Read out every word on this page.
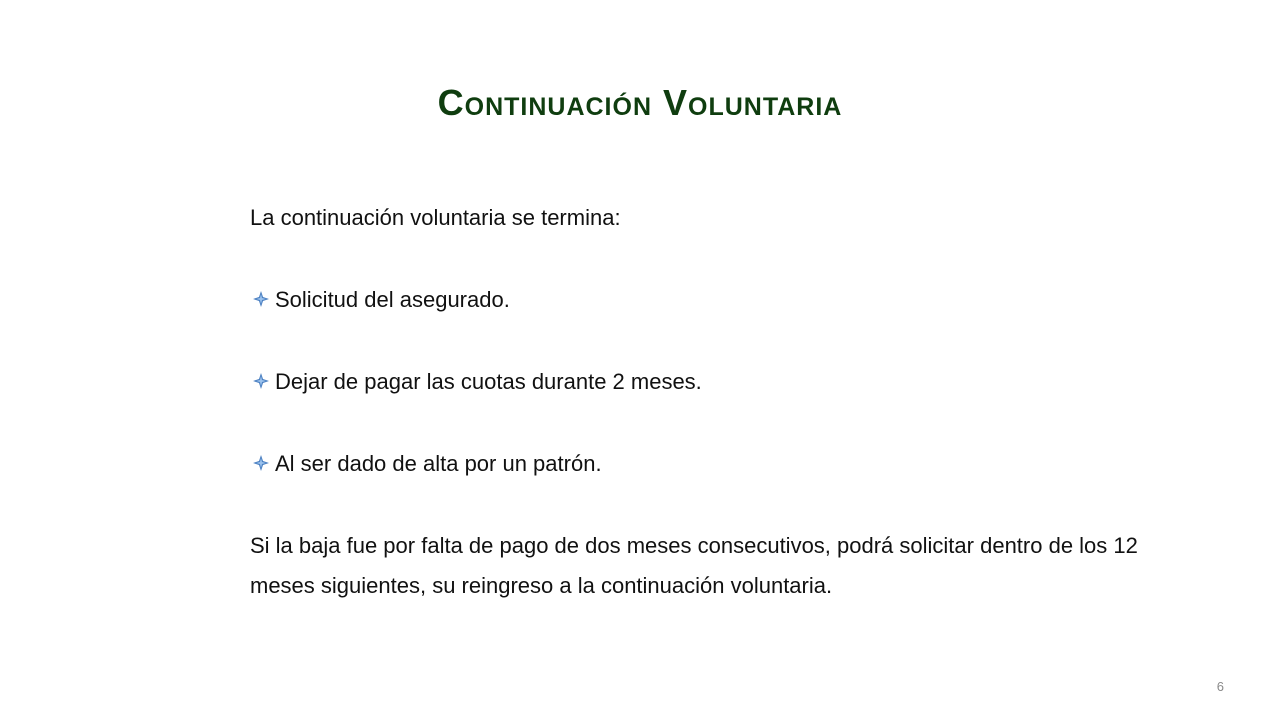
Continuación Voluntaria

La continuación voluntaria se termina:

Solicitud del asegurado.
Dejar de pagar las cuotas durante 2 meses.
Al ser dado de alta por un patrón.

Si la baja fue por falta de pago de dos meses consecutivos, podrá solicitar dentro de los 12 meses siguientes, su reingreso a la continuación voluntaria.

6
